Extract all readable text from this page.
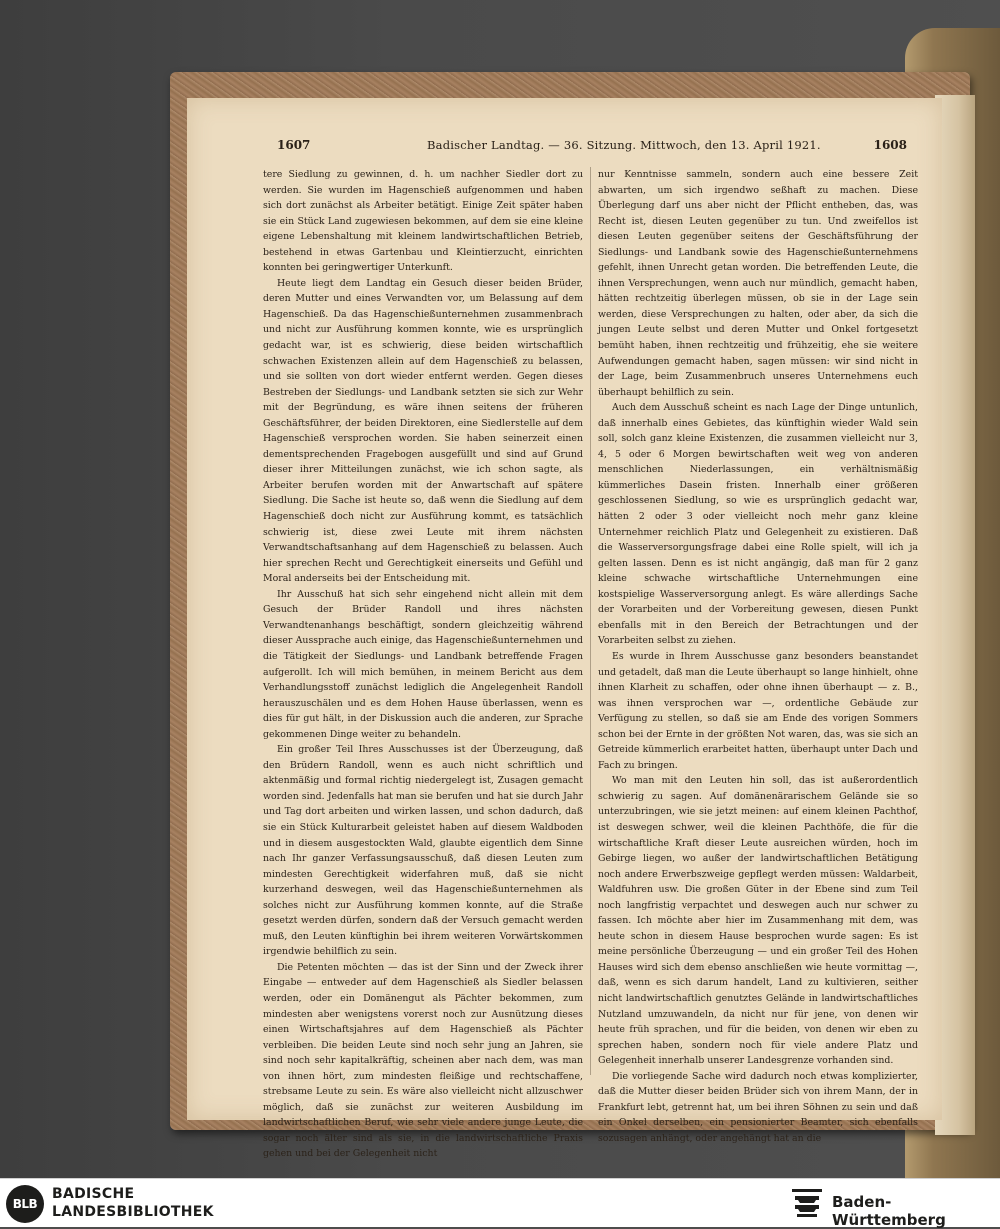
1607	Badischer Landtag. — 36. Sitzung. Mittwoch, den 13. April 1921.	1608

tere Siedlung zu gewinnen, d. h. um nachher Siedler dort zu werden. Sie wurden im Hagenschieß aufgenommen und haben sich dort zunächst als Arbeiter betätigt. Einige Zeit später haben sie ein Stück Land zugewiesen bekommen, auf dem sie eine kleine eigene Lebenshaltung mit kleinem landwirtschaftlichen Betrieb, bestehend in etwas Gartenbau und Kleintierzucht, einrichten konnten bei geringwertiger Unterkunft.

Heute liegt dem Landtag ein Gesuch dieser beiden Brüder, deren Mutter und eines Verwandten vor, um Belassung auf dem Hagenschieß. Da das Hagenschießunternehmen zusammenbrach und nicht zur Ausführung kommen konnte, wie es ursprünglich gedacht war, ist es schwierig, diese beiden wirtschaftlich schwachen Existenzen allein auf dem Hagenschieß zu belassen, und sie sollten von dort wieder entfernt werden. Gegen dieses Bestreben der Siedlungs- und Landbank setzten sie sich zur Wehr mit der Begründung, es wäre ihnen seitens der früheren Geschäftsführer, der beiden Direktoren, eine Siedlerstelle auf dem Hagenschieß versprochen worden. Sie haben seinerzeit einen dementsprechenden Fragebogen ausgefüllt und sind auf Grund dieser ihrer Mitteilungen zunächst, wie ich schon sagte, als Arbeiter berufen worden mit der Anwartschaft auf spätere Siedlung. Die Sache ist heute so, daß wenn die Siedlung auf dem Hagenschieß doch nicht zur Ausführung kommt, es tatsächlich schwierig ist, diese zwei Leute mit ihrem nächsten Verwandtschaftsanhang auf dem Hagenschieß zu belassen. Auch hier sprechen Recht und Gerechtigkeit einerseits und Gefühl und Moral anderseits bei der Entscheidung mit.

Ihr Ausschuß hat sich sehr eingehend nicht allein mit dem Gesuch der Brüder Randoll und ihres nächsten Verwandtenanhangs beschäftigt, sondern gleichzeitig während dieser Aussprache auch einige, das Hagenschießunternehmen und die Tätigkeit der Siedlungs- und Landbank betreffende Fragen aufgerollt. Ich will mich bemühen, in meinem Bericht aus dem Verhandlungsstoff zunächst lediglich die Angelegenheit Randoll herauszuschälen und es dem Hohen Hause überlassen, wenn es dies für gut hält, in der Diskussion auch die anderen, zur Sprache gekommenen Dinge weiter zu behandeln.

Ein großer Teil Ihres Ausschusses ist der Überzeugung, daß den Brüdern Randoll, wenn es auch nicht schriftlich und aktenmäßig und formal richtig niedergelegt ist, Zusagen gemacht worden sind. Jedenfalls hat man sie berufen und hat sie durch Jahr und Tag dort arbeiten und wirken lassen, und schon dadurch, daß sie ein Stück Kulturarbeit geleistet haben auf diesem Waldboden und in diesem ausgestockten Wald, glaubte eigentlich dem Sinne nach Ihr ganzer Verfassungsausschuß, daß diesen Leuten zum mindesten Gerechtigkeit widerfahren muß, daß sie nicht kurzerhand deswegen, weil das Hagenschießunternehmen als solches nicht zur Ausführung kommen konnte, auf die Straße gesetzt werden dürfen, sondern daß der Versuch gemacht werden muß, den Leuten künftighin bei ihrem weiteren Vorwärtskommen irgendwie behilflich zu sein.

Die Petenten möchten — das ist der Sinn und der Zweck ihrer Eingabe — entweder auf dem Hagenschieß als Siedler belassen werden, oder ein Domänengut als Pächter bekommen, zum mindesten aber wenigstens vorerst noch zur Ausnützung dieses einen Wirtschaftsjahres auf dem Hagenschieß als Pächter verbleiben. Die beiden Leute sind noch sehr jung an Jahren, sie sind noch sehr kapitalkräftig, scheinen aber nach dem, was man von ihnen hört, zum mindesten fleißige und rechtschaffene, strebsame Leute zu sein. Es wäre also vielleicht nicht allzuschwer möglich, daß sie zunächst zur weiteren Ausbildung im landwirtschaftlichen Beruf, wie sehr viele andere junge Leute, die sogar noch älter sind als sie, in die landwirtschaftliche Praxis gehen und bei der Gelegenheit nicht

nur Kenntnisse sammeln, sondern auch eine bessere Zeit abwarten, um sich irgendwo seßhaft zu machen. Diese Überlegung darf uns aber nicht der Pflicht entheben, das, was Recht ist, diesen Leuten gegenüber zu tun. Und zweifellos ist diesen Leuten gegenüber seitens der Geschäftsführung der Siedlungs- und Landbank sowie des Hagenschießunternehmens gefehlt, ihnen Unrecht getan worden. Die betreffenden Leute, die ihnen Versprechungen, wenn auch nur mündlich, gemacht haben, hätten rechtzeitig überlegen müssen, ob sie in der Lage sein werden, diese Versprechungen zu halten, oder aber, da sich die jungen Leute selbst und deren Mutter und Onkel fortgesetzt bemüht haben, ihnen rechtzeitig und frühzeitig, ehe sie weitere Aufwendungen gemacht haben, sagen müssen: wir sind nicht in der Lage, beim Zusammenbruch unseres Unternehmens euch überhaupt behilflich zu sein.

Auch dem Ausschuß scheint es nach Lage der Dinge untunlich, daß innerhalb eines Gebietes, das künftighin wieder Wald sein soll, solch ganz kleine Existenzen, die zusammen vielleicht nur 3, 4, 5 oder 6 Morgen bewirtschaften weit weg von anderen menschlichen Niederlassungen, ein verhältnismäßig kümmerliches Dasein fristen. Innerhalb einer größeren geschlossenen Siedlung, so wie es ursprünglich gedacht war, hätten 2 oder 3 oder vielleicht noch mehr ganz kleine Unternehmer reichlich Platz und Gelegenheit zu existieren. Daß die Wasserversorgungsfrage dabei eine Rolle spielt, will ich ja gelten lassen. Denn es ist nicht angängig, daß man für 2 ganz kleine schwache wirtschaftliche Unternehmungen eine kostspielige Wasserversorgung anlegt. Es wäre allerdings Sache der Vorarbeiten und der Vorbereitung gewesen, diesen Punkt ebenfalls mit in den Bereich der Betrachtungen und der Vorarbeiten selbst zu ziehen.

Es wurde in Ihrem Ausschusse ganz besonders beanstandet und getadelt, daß man die Leute überhaupt so lange hinhielt, ohne ihnen Klarheit zu schaffen, oder ohne ihnen überhaupt — z. B., was ihnen versprochen war —, ordentliche Gebäude zur Verfügung zu stellen, so daß sie am Ende des vorigen Sommers schon bei der Ernte in der größten Not waren, das, was sie sich an Getreide kümmerlich erarbeitet hatten, überhaupt unter Dach und Fach zu bringen.

Wo man mit den Leuten hin soll, das ist außerordentlich schwierig zu sagen. Auf domänenärarischem Gelände sie so unterzubringen, wie sie jetzt meinen: auf einem kleinen Pachthof, ist deswegen schwer, weil die kleinen Pachthöfe, die für die wirtschaftliche Kraft dieser Leute ausreichen würden, hoch im Gebirge liegen, wo außer der landwirtschaftlichen Betätigung noch andere Erwerbszweige gepflegt werden müssen: Waldarbeit, Waldfuhren usw. Die großen Güter in der Ebene sind zum Teil noch langfristig verpachtet und deswegen auch nur schwer zu fassen. Ich möchte aber hier im Zusammenhang mit dem, was heute schon in diesem Hause besprochen wurde sagen: Es ist meine persönliche Überzeugung — und ein großer Teil des Hohen Hauses wird sich dem ebenso anschließen wie heute vormittag —, daß, wenn es sich darum handelt, Land zu kultivieren, seither nicht landwirtschaftlich genutztes Gelände in landwirtschaftliches Nutzland umzuwandeln, da nicht nur für jene, von denen wir heute früh sprachen, und für die beiden, von denen wir eben zu sprechen haben, sondern noch für viele andere Platz und Gelegenheit innerhalb unserer Landesgrenze vorhanden sind.

Die vorliegende Sache wird dadurch noch etwas komplizierter, daß die Mutter dieser beiden Brüder sich von ihrem Mann, der in Frankfurt lebt, getrennt hat, um bei ihren Söhnen zu sein und daß ein Onkel derselben, ein pensionierter Beamter, sich ebenfalls sozusagen anhängt, oder angehängt hat an die

BLB
BADISCHE
LANDESBIBLIOTHEK
Baden-Württemberg
